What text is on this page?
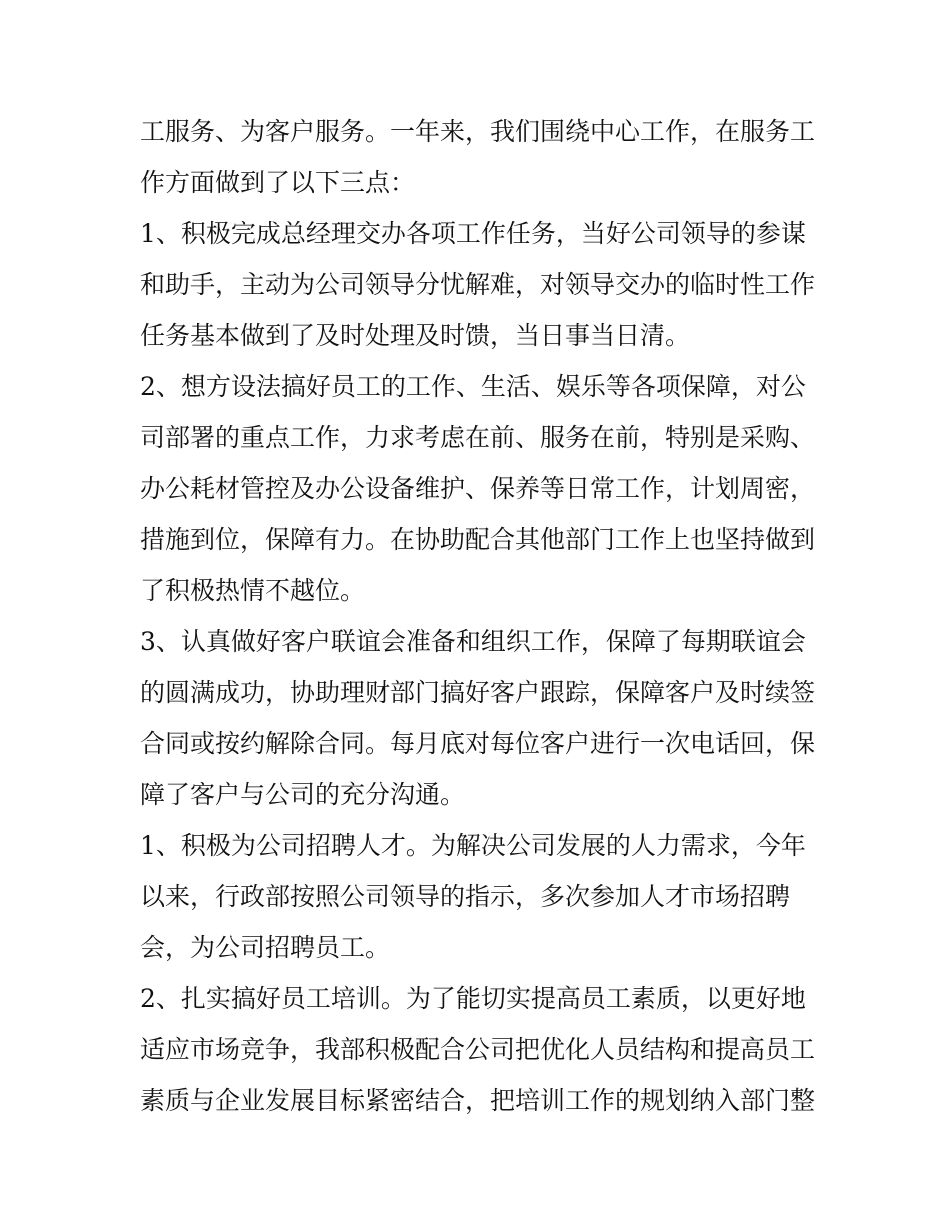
工服务、为客户服务。一年来，我们围绕中心工作，在服务工
作方面做到了以下三点：

1、积极完成总经理交办各项工作任务，当好公司领导的参谋
和助手，主动为公司领导分忧解难，对领导交办的临时性工作
任务基本做到了及时处理及时馈，当日事当日清。

2、想方设法搞好员工的工作、生活、娱乐等各项保障，对公
司部署的重点工作，力求考虑在前、服务在前，特别是采购、
办公耗材管控及办公设备维护、保养等日常工作，计划周密，
措施到位，保障有力。在协助配合其他部门工作上也坚持做到
了积极热情不越位。

3、认真做好客户联谊会准备和组织工作，保障了每期联谊会
的圆满成功，协助理财部门搞好客户跟踪，保障客户及时续签
合同或按约解除合同。每月底对每位客户进行一次电话回，保
障了客户与公司的充分沟通。

1、积极为公司招聘人才。为解决公司发展的人力需求，今年
以来，行政部按照公司领导的指示，多次参加人才市场招聘
会，为公司招聘员工。

2、扎实搞好员工培训。为了能切实提高员工素质，以更好地
适应市场竞争，我部积极配合公司把优化人员结构和提高员工
素质与企业发展目标紧密结合，把培训工作的规划纳入部门整
